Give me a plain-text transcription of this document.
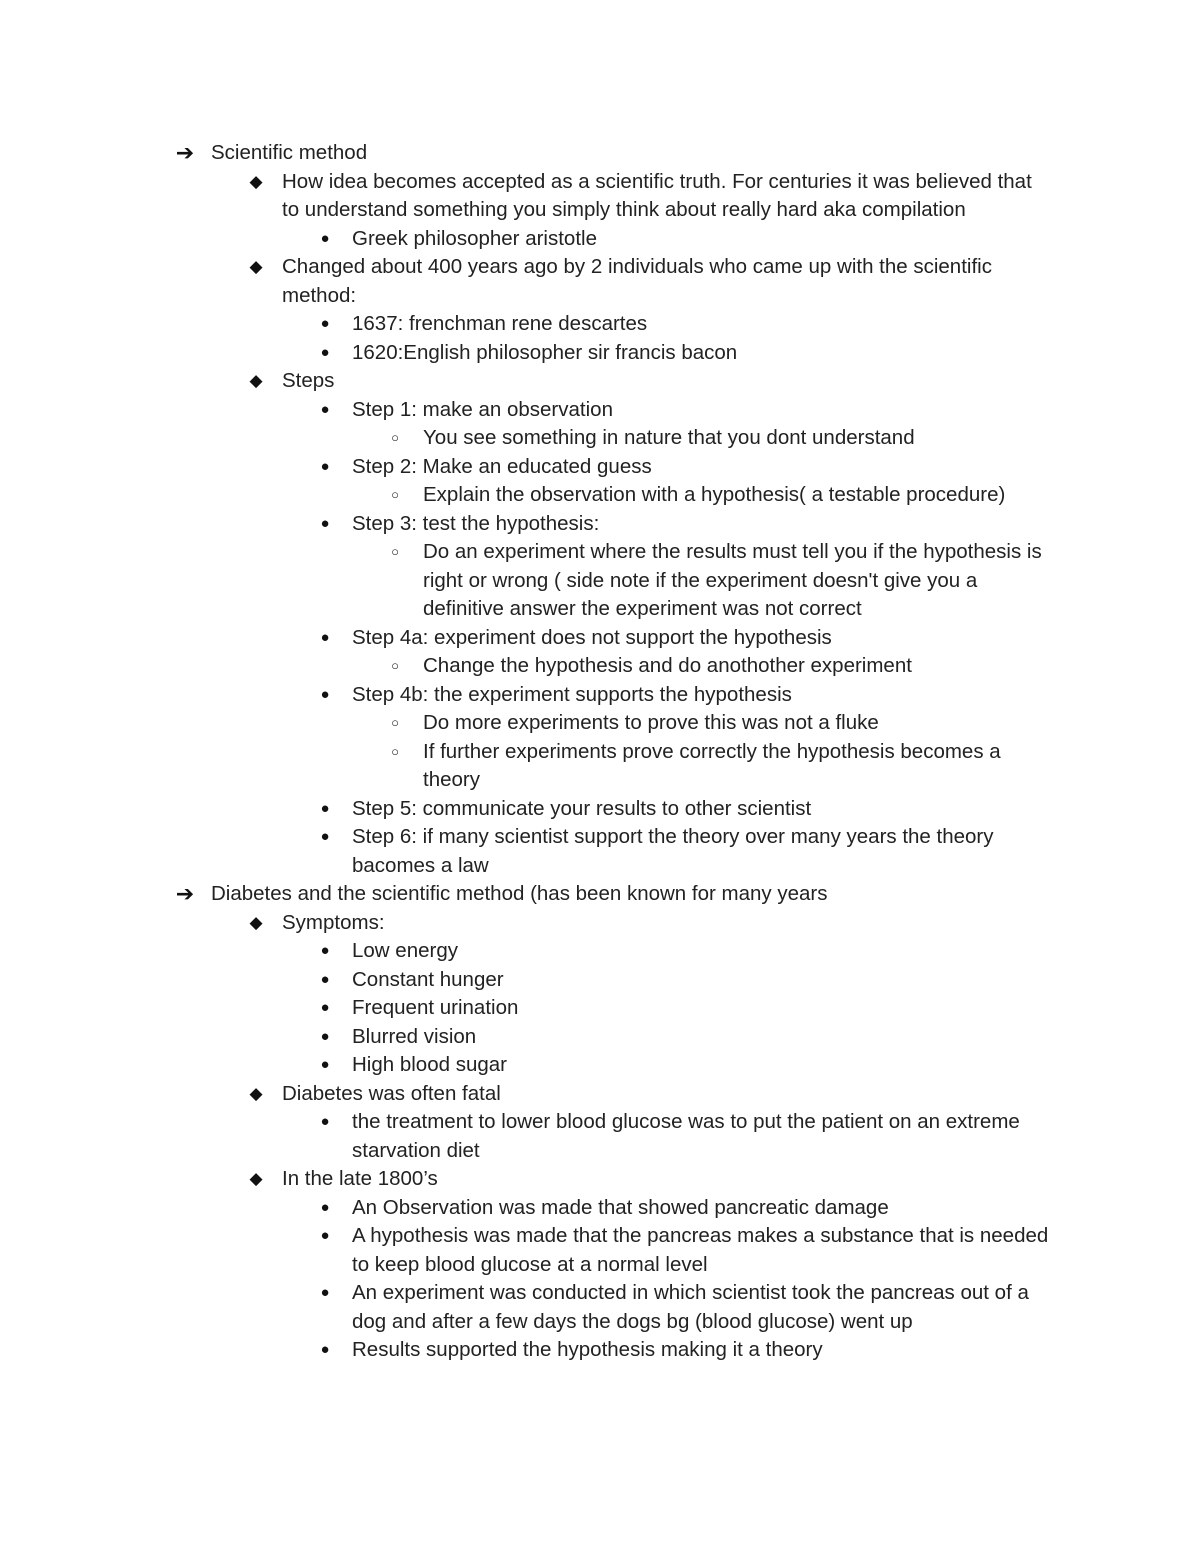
➔ Scientific method
◆ How idea becomes accepted as a scientific truth. For centuries it was believed that to understand something you simply think about really hard aka compilation
●	Greek philosopher aristotle
◆ Changed about 400 years ago by 2 individuals who came up with the scientific method:
●	1637: frenchman rene descartes
●	1620:English philosopher sir francis bacon
◆ Steps
●	Step 1: make an observation
○	You see something in nature that you dont understand
●	Step 2: Make an educated guess
○	Explain the observation with a hypothesis( a testable procedure)
●	Step 3: test the hypothesis:
○	Do an experiment where the results must tell you if the hypothesis is right or wrong ( side note if the experiment doesn't give you a definitive answer the experiment was not correct
●	Step 4a: experiment does not support the hypothesis
○	Change the hypothesis and do anothother experiment
●	Step 4b: the experiment supports the hypothesis
○	Do more experiments to prove this was not a fluke
○	If further experiments prove correctly the hypothesis becomes a theory
●	Step 5: communicate your results to other scientist
●	Step 6: if many scientist support the theory over many years the theory bacomes a law
➔ Diabetes and the scientific method (has been known for many years
◆ Symptoms:
●	Low energy
●	Constant hunger
●	Frequent urination
●	Blurred vision
●	High blood sugar
◆ Diabetes was often fatal
●	the treatment to lower blood glucose was to put the patient on an extreme starvation diet
◆ In the late 1800’s
●	An Observation was made that showed pancreatic damage
●	A hypothesis was made that the pancreas makes a substance that is needed to keep blood glucose at a normal level
●	An experiment was conducted in which scientist took the pancreas out of a dog and after a few days the dogs bg (blood glucose) went up
●	Results supported the hypothesis making it a theory
